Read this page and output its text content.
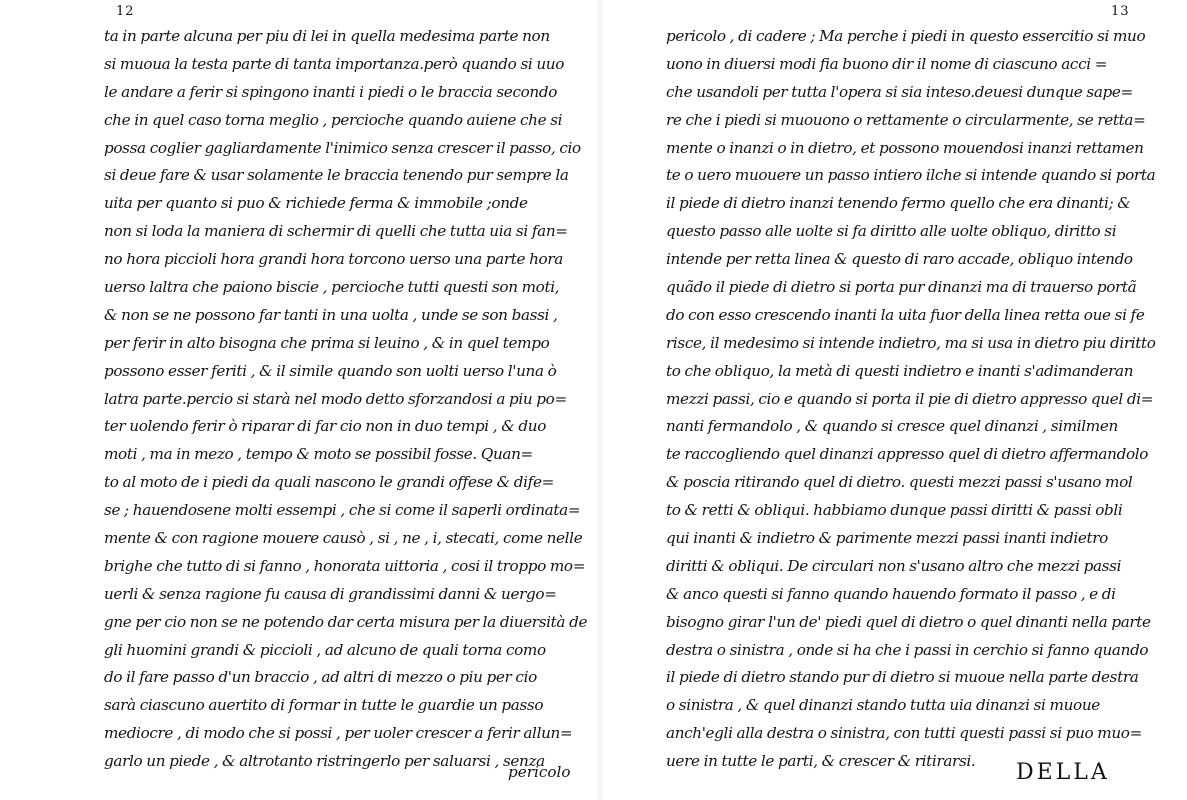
12
ta in parte alcuna per piu di lei in quella medesima parte non
si muoua la testa parte di tanta importanza.però quando si uuo
le andare a ferir si spingono inanti i piedi o le braccia secondo
che in quel caso torna meglio , percioche quando auiene che si
possa coglier gagliardamente l'inimico senza crescer il passo, cio
si deue fare & usar solamente le braccia tenendo pur sempre la
uita per quanto si puo & richiede ferma & immobile ;onde
non si loda la maniera di schermir di quelli che tutta uia si fan=
no hora piccioli hora grandi hora torcono uerso una parte hora
uerso laltra che paiono biscie , percioche tutti questi son moti,
& non se ne possono far tanti in una uolta , unde se son bassi ,
per ferir in alto bisogna che prima si leuino , & in quel tempo
possono esser feriti , & il simile quando son uolti uerso l'una ò
latra parte.percio si starà nel modo detto sforzandosi a piu po=
ter uolendo ferir ò riparar di far cio non in duo tempi , & duo
moti , ma in mezo , tempo & moto se possibil fosse. Quan=
to al moto de i piedi da quali nascono le grandi offese & dife=
se ; hauendosene molti essempi , che si come il saperli ordinata=
mente & con ragione mouere causò , si , ne , i, stecati, come nelle
brighe che tutto di si fanno , honorata uittoria , cosi il troppo mo=
uerli & senza ragione fu causa di grandissimi danni & uergo=
gne per cio non se ne potendo dar certa misura per la diuersità de
gli huomini grandi & piccioli , ad alcuno de quali torna como
do il fare passo d'un braccio , ad altri di mezzo o piu per cio
sarà ciascuno auertito di formar in tutte le guardie un passo
mediocre , di modo che si possi , per uoler crescer a ferir allun=
garlo un piede , & altrotanto ristringerlo per saluarsi , senza
pericolo
13
pericolo , di cadere ; Ma perche i piedi in questo essercitio si muo
uono in diuersi modi fia buono dir il nome di ciascuno acci =
che usandoli per tutta l'opera si sia inteso.deuesi dunque sape=
re che i piedi si muouono o rettamente o circularmente, se retta=
mente o inanzi o in dietro, et possono mouendosi inanzi rettamen
te o uero muouere un passo intiero ilche si intende quando si porta
il piede di dietro inanzi tenendo fermo quello che era dinanti; &
questo passo alle uolte si fa diritto alle uolte obliquo, diritto si
intende per retta linea & questo di raro accade, obliquo intendo
quãdo il piede di dietro si porta pur dinanzi ma di trauerso portã
do con esso crescendo inanti la uita fuor della linea retta oue si fe
risce, il medesimo si intende indietro, ma si usa in dietro piu diritto
to che obliquo, la metà di questi indietro e inanti s'adimanderan
mezzi passi, cio e quando si porta il pie di dietro appresso quel di=
nanti fermandolo , & quando si cresce quel dinanzi , similmen
te raccogliendo quel dinanzi appresso quel di dietro affermandolo
& poscia ritirando quel di dietro. questi mezzi passi s'usano mol
to & retti & obliqui. habbiamo dunque passi diritti & passi obli
qui inanti & indietro & parimente mezzi passi inanti indietro
diritti & obliqui. De circulari non s'usano altro che mezzi passi
& anco questi si fanno quando hauendo formato il passo , e di
bisogno girar l'un de' piedi quel di dietro o quel dinanti nella parte
destra o sinistra , onde si ha che i passi in cerchio si fanno quando
il piede di dietro stando pur di dietro si muoue nella parte destra
o sinistra , & quel dinanzi stando tutta uia dinanzi si muoue
anch'egli alla destra o sinistra, con tutti questi passi si puo muo=
uere in tutte le parti, & crescer & ritirarsi.	DELLA
